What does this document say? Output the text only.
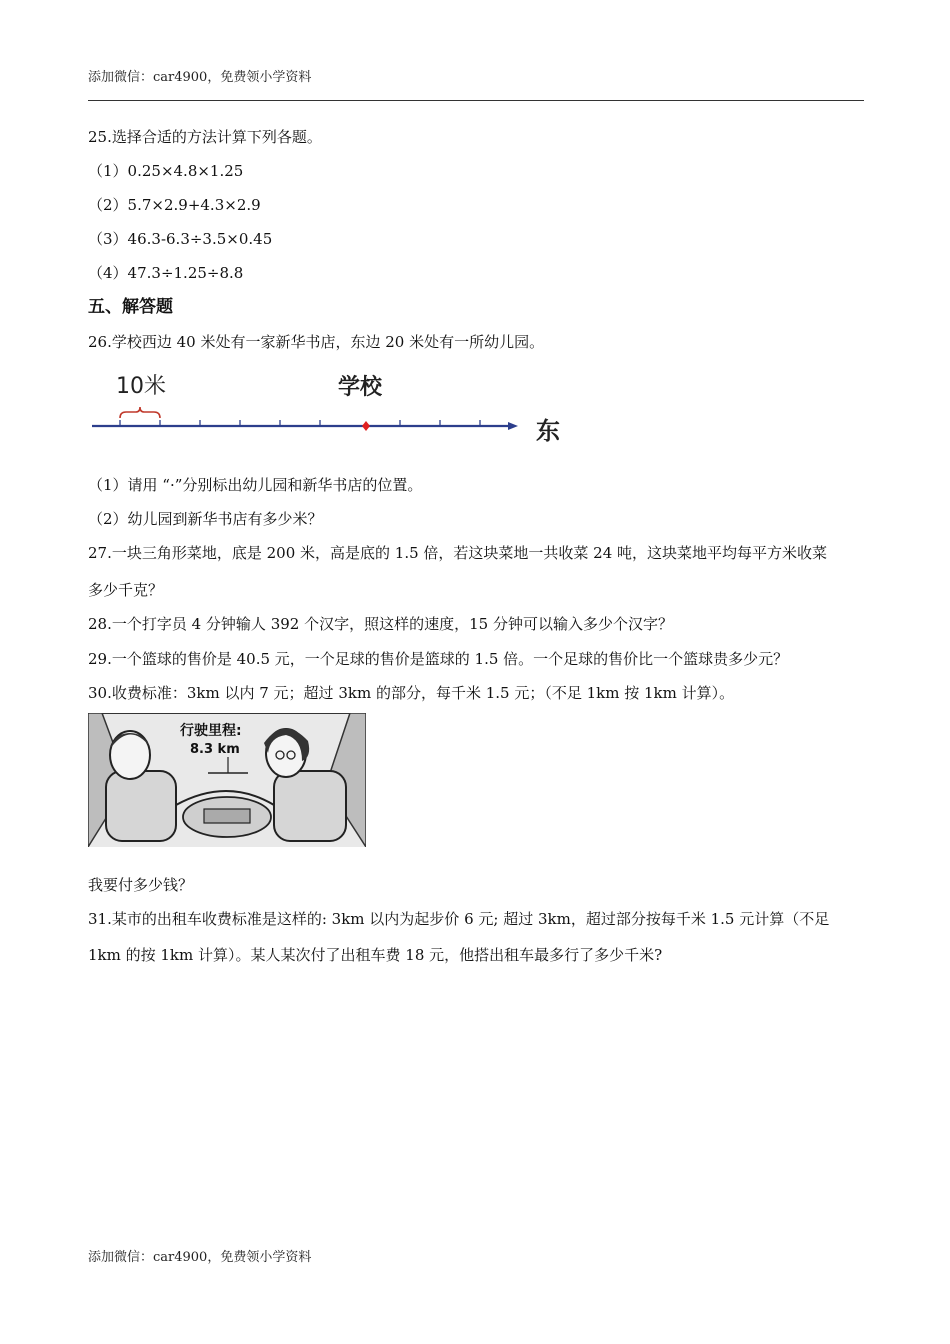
添加微信：car4900，免费领小学资料
25.选择合适的方法计算下列各题。
（1）0.25×4.8×1.25
（2）5.7×2.9+4.3×2.9
（3）46.3-6.3÷3.5×0.45
（4）47.3÷1.25÷8.8
五、解答题
26.学校西边 40 米处有一家新华书店，东边 20 米处有一所幼儿园。
10米	学校
东
（1）请用 “·”分别标出幼儿园和新华书店的位置。
（2）幼儿园到新华书店有多少米？
27.一块三角形菜地，底是 200 米，高是底的 1.5 倍，若这块菜地一共收菜 24 吨，这块菜地平均每平方米收菜
多少千克？
28.一个打字员 4 分钟输人 392 个汉字，照这样的速度，15 分钟可以输入多少个汉字？
29.一个篮球的售价是 40.5 元，一个足球的售价是篮球的 1.5 倍。一个足球的售价比一个篮球贵多少元？
30.收费标准：3km 以内 7 元；超过 3km 的部分，每千米 1.5 元；（不足 1km 按 1km 计算）。
行驶里程:
8.3 km
我要付多少钱？
31.某市的出租车收费标准是这样的: 3km 以内为起步价 6 元; 超过 3km，超过部分按每千米 1.5 元计算（不足
1km 的按 1km 计算）。某人某次付了出租车费 18 元，他搭出租车最多行了多少千米?
添加微信：car4900，免费领小学资料
